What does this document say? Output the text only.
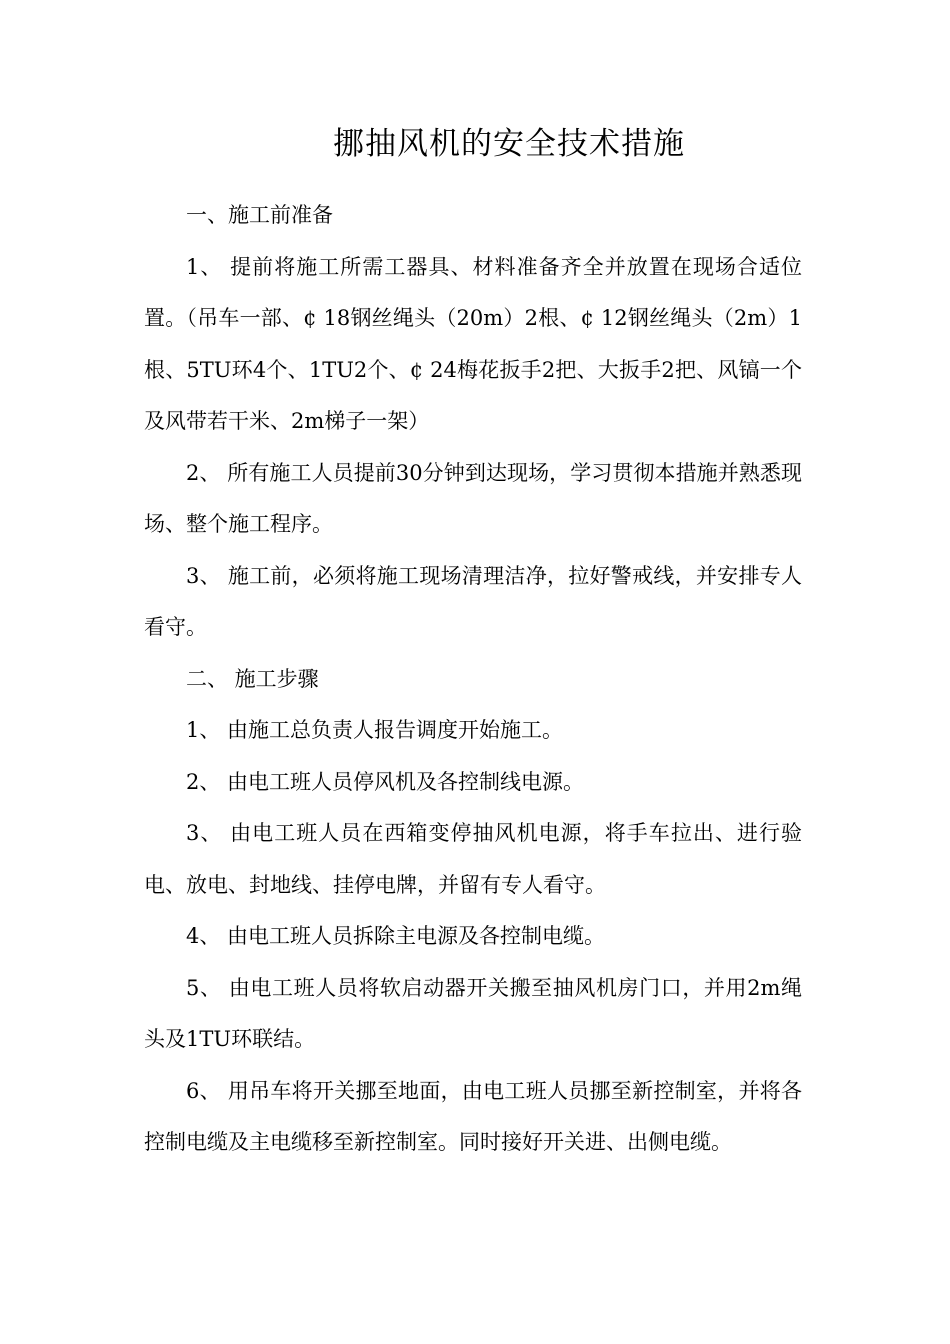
挪抽风机的安全技术措施

一、施工前准备

1、 提前将施工所需工器具、材料准备齐全并放置在现场合适位置。（吊车一部、¢ 18钢丝绳头（20m）2根、¢ 12钢丝绳头（2m）1根、5TU环4个、1TU2个、¢ 24梅花扳手2把、大扳手2把、风镐一个及风带若干米、2m梯子一架）

2、 所有施工人员提前30分钟到达现场，学习贯彻本措施并熟悉现场、整个施工程序。

3、 施工前，必须将施工现场清理洁净，拉好警戒线，并安排专人看守。

二、 施工步骤

1、 由施工总负责人报告调度开始施工。

2、 由电工班人员停风机及各控制线电源。

3、 由电工班人员在西箱变停抽风机电源，将手车拉出、进行验电、放电、封地线、挂停电牌，并留有专人看守。

4、 由电工班人员拆除主电源及各控制电缆。

5、 由电工班人员将软启动器开关搬至抽风机房门口，并用2m绳头及1TU环联结。

6、 用吊车将开关挪至地面，由电工班人员挪至新控制室，并将各控制电缆及主电缆移至新控制室。同时接好开关进、出侧电缆。
